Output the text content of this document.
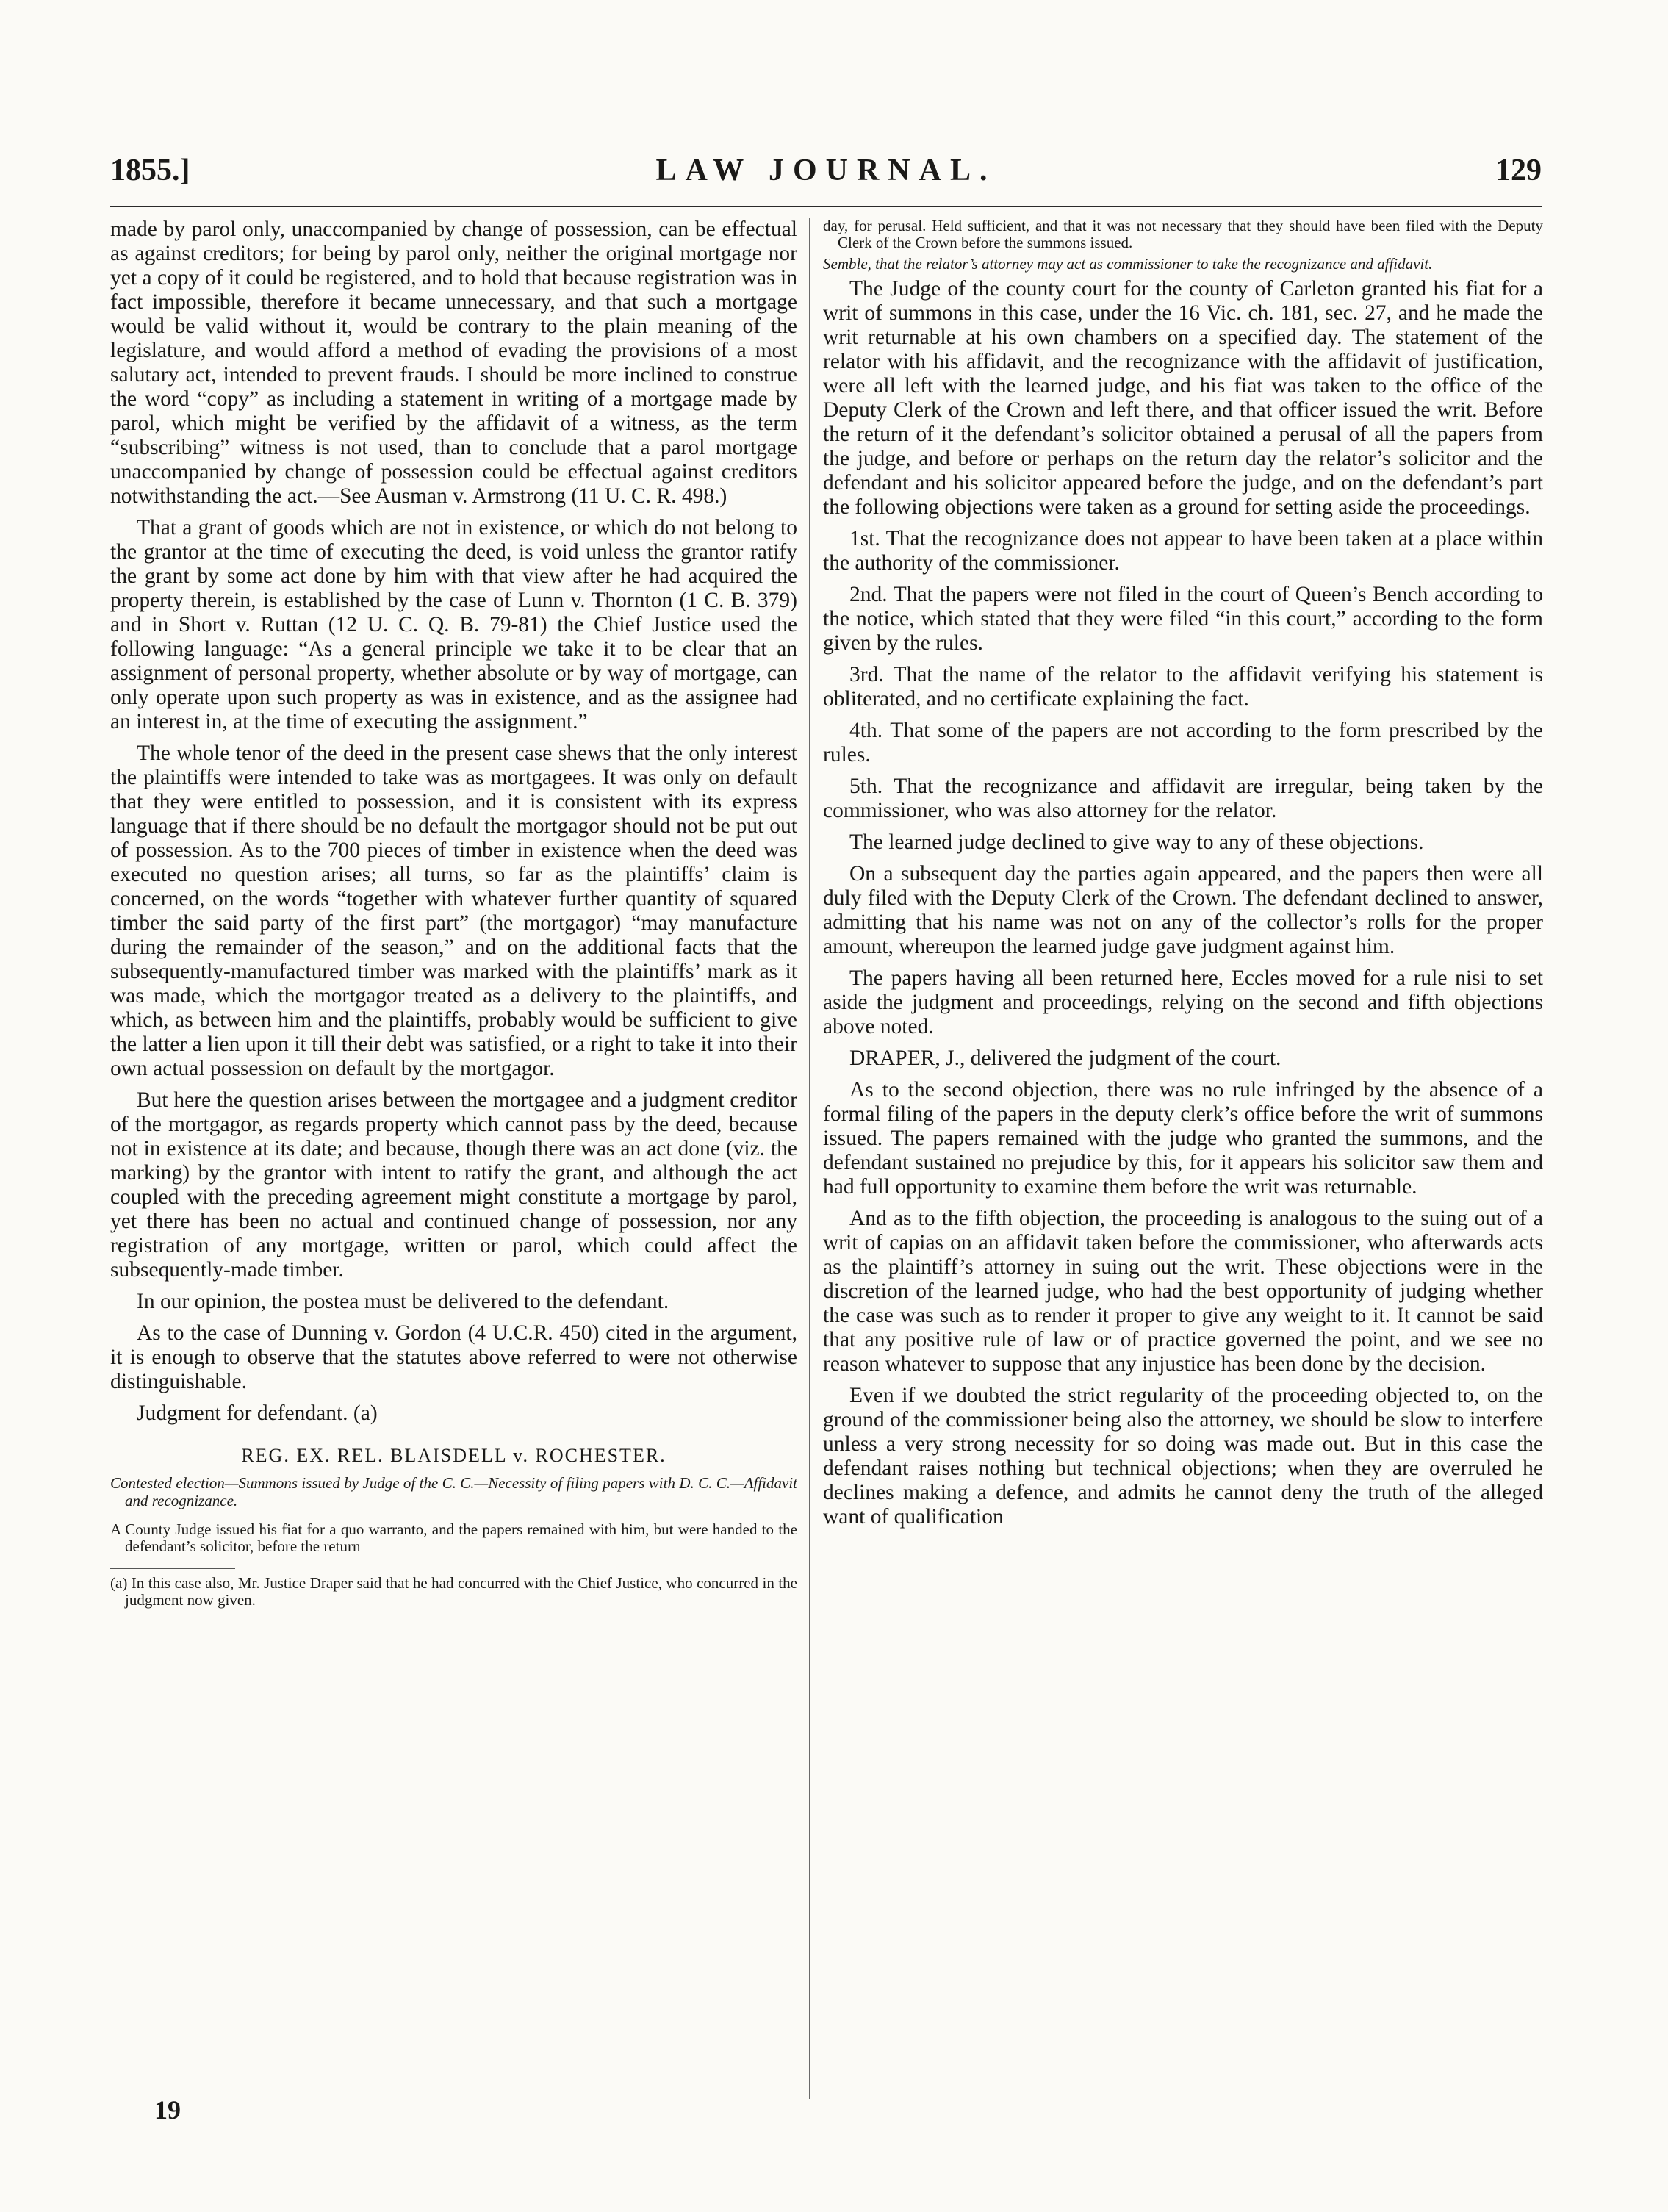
1855.]	LAW JOURNAL.	129

made by parol only, unaccompanied by change of possession, can be effectual as against creditors; for being by parol only, neither the original mortgage nor yet a copy of it could be registered, and to hold that because registration was in fact impossible, therefore it became unnecessary, and that such a mortgage would be valid without it, would be contrary to the plain meaning of the legislature, and would afford a method of evading the provisions of a most salutary act, intended to prevent frauds. I should be more inclined to construe the word “copy” as including a statement in writing of a mortgage made by parol, which might be verified by the affidavit of a witness, as the term “subscribing” witness is not used, than to conclude that a parol mortgage unaccompanied by change of possession could be effectual against creditors notwithstanding the act.—See Ausman v. Armstrong (11 U. C. R. 498.)

That a grant of goods which are not in existence, or which do not belong to the grantor at the time of executing the deed, is void unless the grantor ratify the grant by some act done by him with that view after he had acquired the property therein, is established by the case of Lunn v. Thornton (1 C. B. 379) and in Short v. Ruttan (12 U. C. Q. B. 79-81) the Chief Justice used the following language: “As a general principle we take it to be clear that an assignment of personal property, whether absolute or by way of mortgage, can only operate upon such property as was in existence, and as the assignee had an interest in, at the time of executing the assignment.”

The whole tenor of the deed in the present case shews that the only interest the plaintiffs were intended to take was as mortgagees. It was only on default that they were entitled to possession, and it is consistent with its express language that if there should be no default the mortgagor should not be put out of possession. As to the 700 pieces of timber in existence when the deed was executed no question arises; all turns, so far as the plaintiffs’ claim is concerned, on the words “together with whatever further quantity of squared timber the said party of the first part” (the mortgagor) “may manufacture during the remainder of the season,” and on the additional facts that the subsequently-manufactured timber was marked with the plaintiffs’ mark as it was made, which the mortgagor treated as a delivery to the plaintiffs, and which, as between him and the plaintiffs, probably would be sufficient to give the latter a lien upon it till their debt was satisfied, or a right to take it into their own actual possession on default by the mortgagor.

But here the question arises between the mortgagee and a judgment creditor of the mortgagor, as regards property which cannot pass by the deed, because not in existence at its date; and because, though there was an act done (viz. the marking) by the grantor with intent to ratify the grant, and although the act coupled with the preceding agreement might constitute a mortgage by parol, yet there has been no actual and continued change of possession, nor any registration of any mortgage, written or parol, which could affect the subsequently-made timber.

In our opinion, the postea must be delivered to the defendant.

As to the case of Dunning v. Gordon (4 U.C.R. 450) cited in the argument, it is enough to observe that the statutes above referred to were not otherwise distinguishable.

Judgment for defendant. (a)

REG. EX. REL. BLAISDELL v. ROCHESTER.

Contested election—Summons issued by Judge of the C. C.—Necessity of filing papers with D. C. C.—Affidavit and recognizance.

A County Judge issued his fiat for a quo warranto, and the papers remained with him, but were handed to the defendant’s solicitor, before the return

(a) In this case also, Mr. Justice Draper said that he had concurred with the Chief Justice, who concurred in the judgment now given.

day, for perusal. Held sufficient, and that it was not necessary that they should have been filed with the Deputy Clerk of the Crown before the summons issued.

Semble, that the relator’s attorney may act as commissioner to take the recognizance and affidavit.

The Judge of the county court for the county of Carleton granted his fiat for a writ of summons in this case, under the 16 Vic. ch. 181, sec. 27, and he made the writ returnable at his own chambers on a specified day. The statement of the relator with his affidavit, and the recognizance with the affidavit of justification, were all left with the learned judge, and his fiat was taken to the office of the Deputy Clerk of the Crown and left there, and that officer issued the writ. Before the return of it the defendant’s solicitor obtained a perusal of all the papers from the judge, and before or perhaps on the return day the relator’s solicitor and the defendant and his solicitor appeared before the judge, and on the defendant’s part the following objections were taken as a ground for setting aside the proceedings.

1st. That the recognizance does not appear to have been taken at a place within the authority of the commissioner.

2nd. That the papers were not filed in the court of Queen’s Bench according to the notice, which stated that they were filed “in this court,” according to the form given by the rules.

3rd. That the name of the relator to the affidavit verifying his statement is obliterated, and no certificate explaining the fact.

4th. That some of the papers are not according to the form prescribed by the rules.

5th. That the recognizance and affidavit are irregular, being taken by the commissioner, who was also attorney for the relator.

The learned judge declined to give way to any of these objections.

On a subsequent day the parties again appeared, and the papers then were all duly filed with the Deputy Clerk of the Crown. The defendant declined to answer, admitting that his name was not on any of the collector’s rolls for the proper amount, whereupon the learned judge gave judgment against him.

The papers having all been returned here, Eccles moved for a rule nisi to set aside the judgment and proceedings, relying on the second and fifth objections above noted.

DRAPER, J., delivered the judgment of the court.

As to the second objection, there was no rule infringed by the absence of a formal filing of the papers in the deputy clerk’s office before the writ of summons issued. The papers remained with the judge who granted the summons, and the defendant sustained no prejudice by this, for it appears his solicitor saw them and had full opportunity to examine them before the writ was returnable.

And as to the fifth objection, the proceeding is analogous to the suing out of a writ of capias on an affidavit taken before the commissioner, who afterwards acts as the plaintiff’s attorney in suing out the writ. These objections were in the discretion of the learned judge, who had the best opportunity of judging whether the case was such as to render it proper to give any weight to it. It cannot be said that any positive rule of law or of practice governed the point, and we see no reason whatever to suppose that any injustice has been done by the decision.

Even if we doubted the strict regularity of the proceeding objected to, on the ground of the commissioner being also the attorney, we should be slow to interfere unless a very strong necessity for so doing was made out. But in this case the defendant raises nothing but technical objections; when they are overruled he declines making a defence, and admits he cannot deny the truth of the alleged want of qualification

19
